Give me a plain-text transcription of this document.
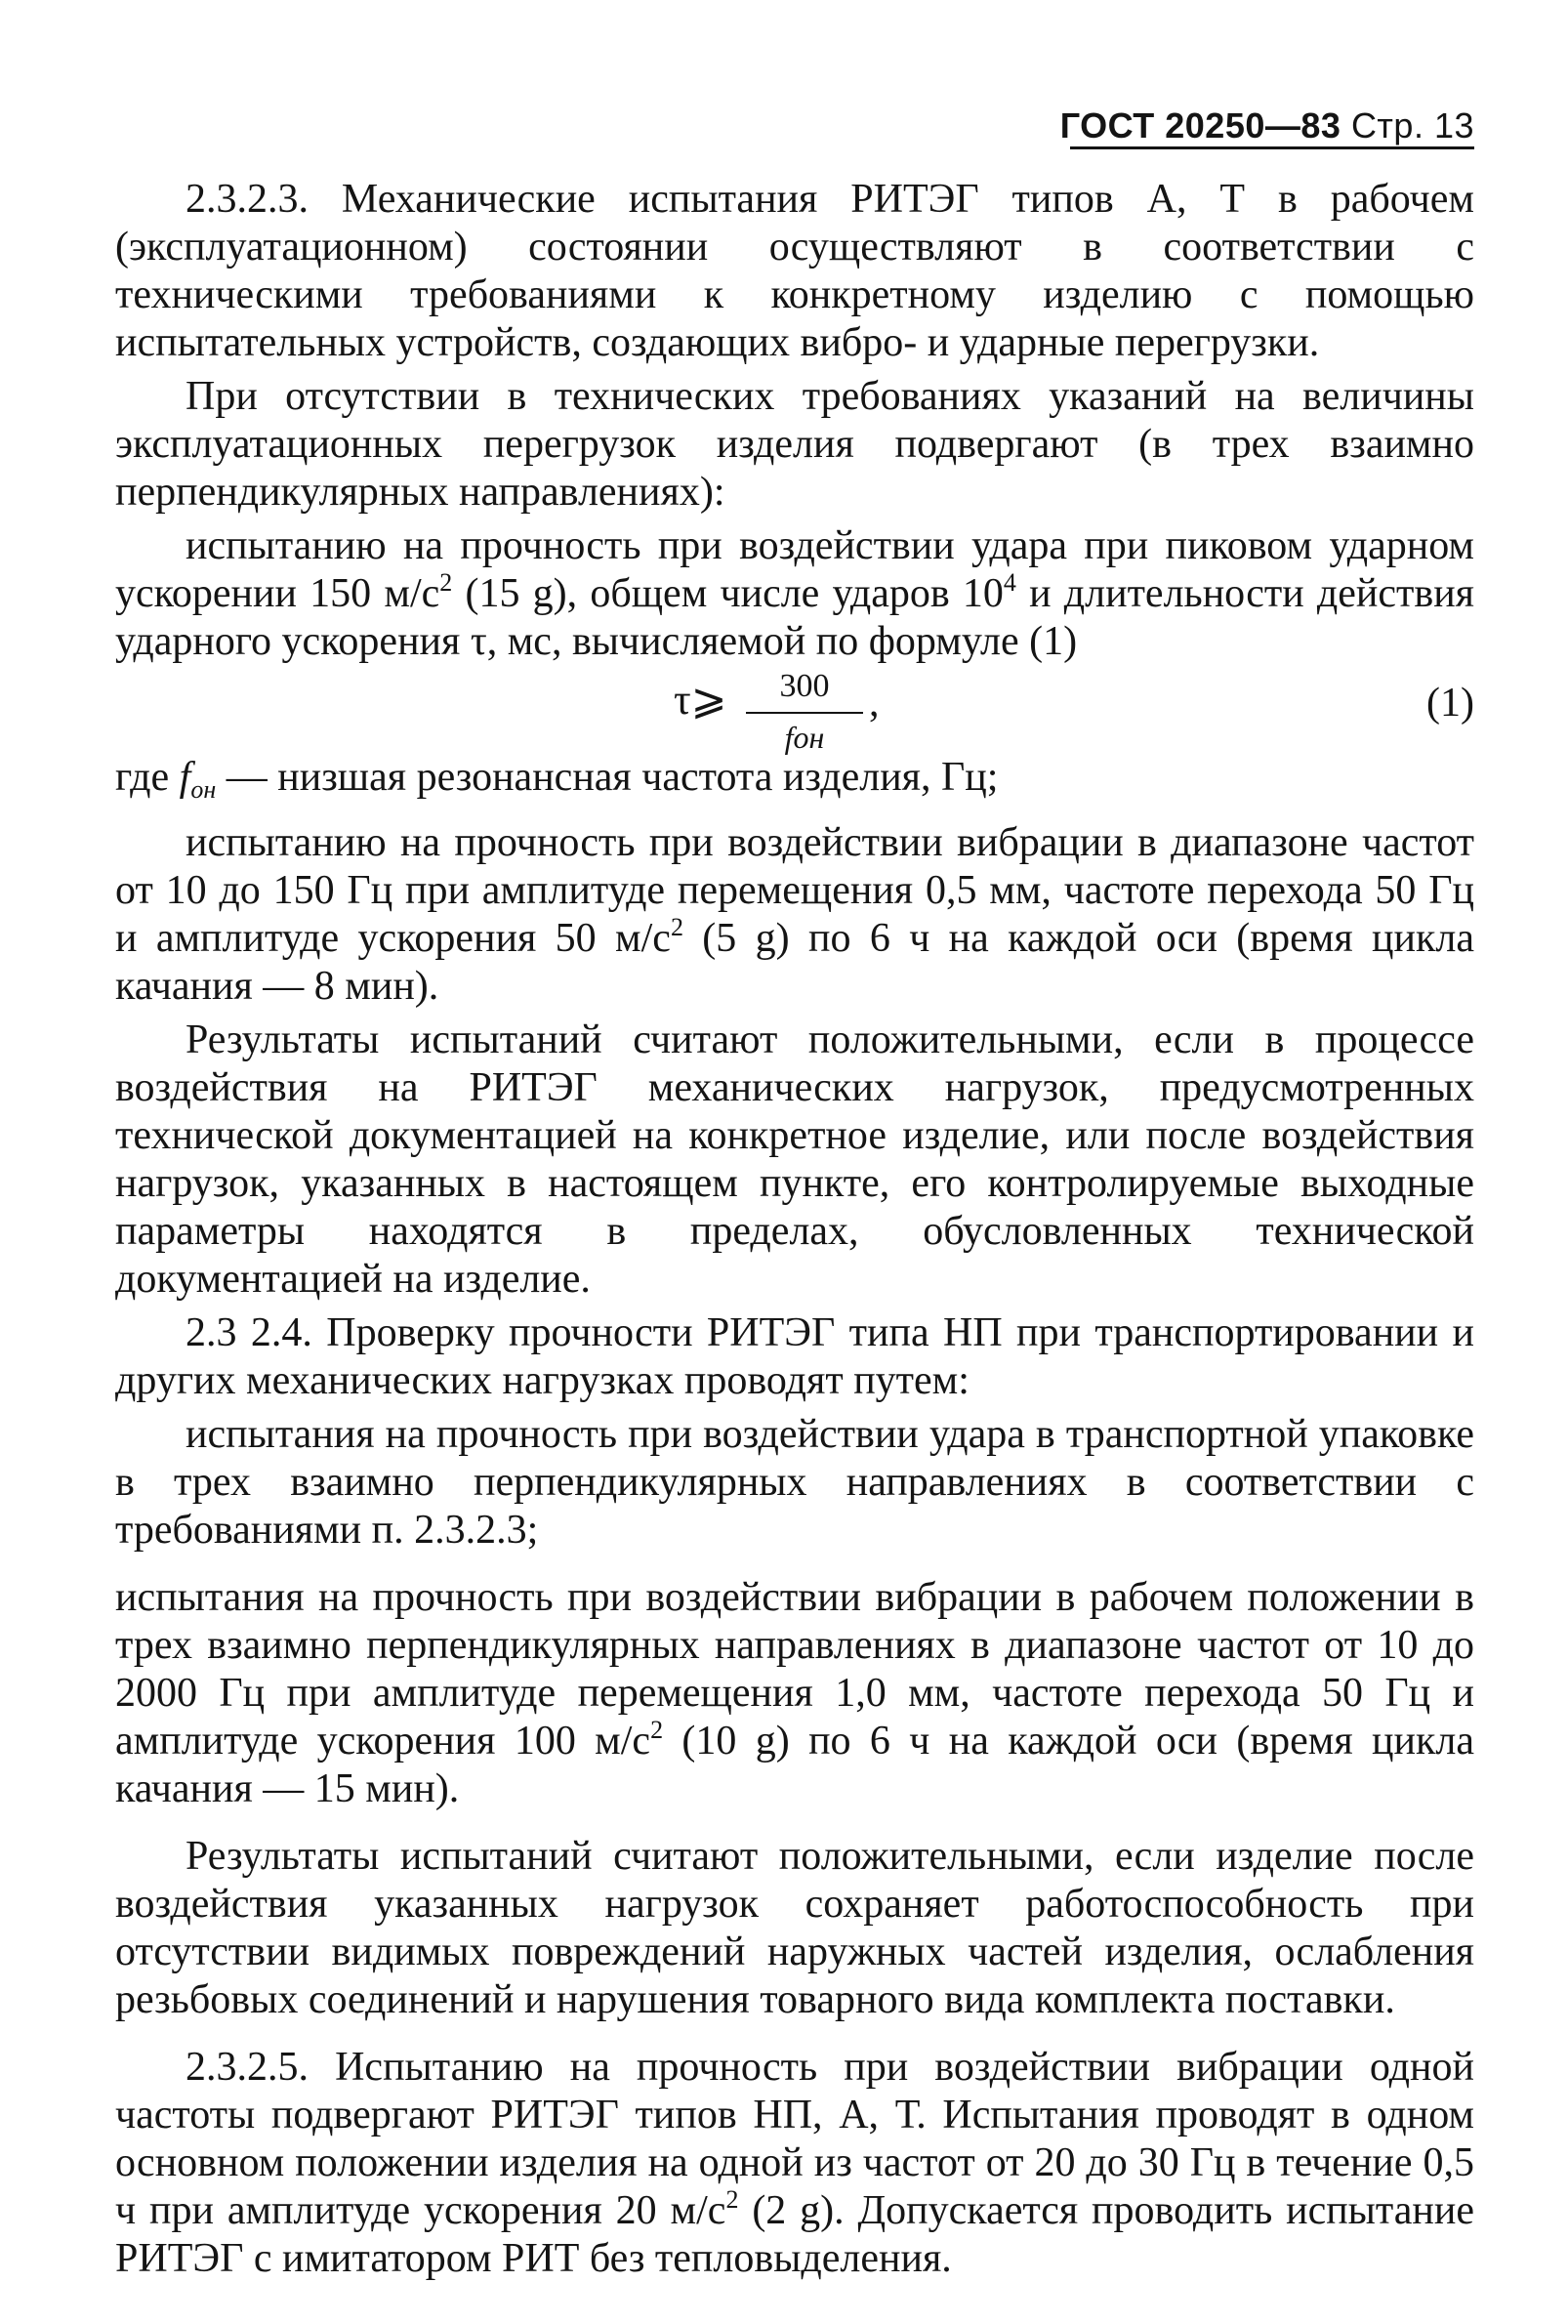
ГОСТ 20250—83 Стр. 13

2.3.2.3. Механические испытания РИТЭГ типов А, Т в рабочем (эксплуатационном) состоянии осуществляют в соответствии с техническими требованиями к конкретному изделию с помощью испытательных устройств, создающих вибро- и ударные перегрузки.

При отсутствии в технических требованиях указаний на величины эксплуатационных перегрузок изделия подвергают (в трех взаимно перпендикулярных направлениях):

испытанию на прочность при воздействии удара при пиковом ударном ускорении 150 $м/с^2$ (15 g), общем числе ударов $10^4$ и длительности действия ударного ускорения τ, мс, вычисляемой по формуле (1)

τ⩾	300
fон
,	(1)

где $f_{он}$ — низшая резонансная частота изделия, Гц;

испытанию на прочность при воздействии вибрации в диапазоне частот от 10 до 150 Гц при амплитуде перемещения 0,5 мм, частоте перехода 50 Гц и амплитуде ускорения 50 $м/с^2$ (5 g) по 6 ч на каждой оси (время цикла качания — 8 мин).

Результаты испытаний считают положительными, если в процессе воздействия на РИТЭГ механических нагрузок, предусмотренных технической документацией на конкретное изделие, или после воздействия нагрузок, указанных в настоящем пункте, его контролируемые выходные параметры находятся в пределах, обусловленных технической документацией на изделие.

2.3 2.4. Проверку прочности РИТЭГ типа НП при транспортировании и других механических нагрузках проводят путем:

испытания на прочность при воздействии удара в транспортной упаковке в трех взаимно перпендикулярных направлениях в соответствии с требованиями п. 2.3.2.3;

испытания на прочность при воздействии вибрации в рабочем положении в трех взаимно перпендикулярных направлениях в диапазоне частот от 10 до 2000 Гц при амплитуде перемещения 1,0 мм, частоте перехода 50 Гц и амплитуде ускорения 100 $м/с^2$ (10 g) по 6 ч на каждой оси (время цикла качания — 15 мин).

Результаты испытаний считают положительными, если изделие после воздействия указанных нагрузок сохраняет работоспособность при отсутствии видимых повреждений наружных частей изделия, ослабления резьбовых соединений и нарушения товарного вида комплекта поставки.

2.3.2.5. Испытанию на прочность при воздействии вибрации одной частоты подвергают РИТЭГ типов НП, А, Т. Испытания проводят в одном основном положении изделия на одной из частот от 20 до 30 Гц в течение 0,5 ч при амплитуде ускорения 20 $м/с^2$ (2 g). Допускается проводить испытание РИТЭГ с имитатором РИТ без тепловыделения.
